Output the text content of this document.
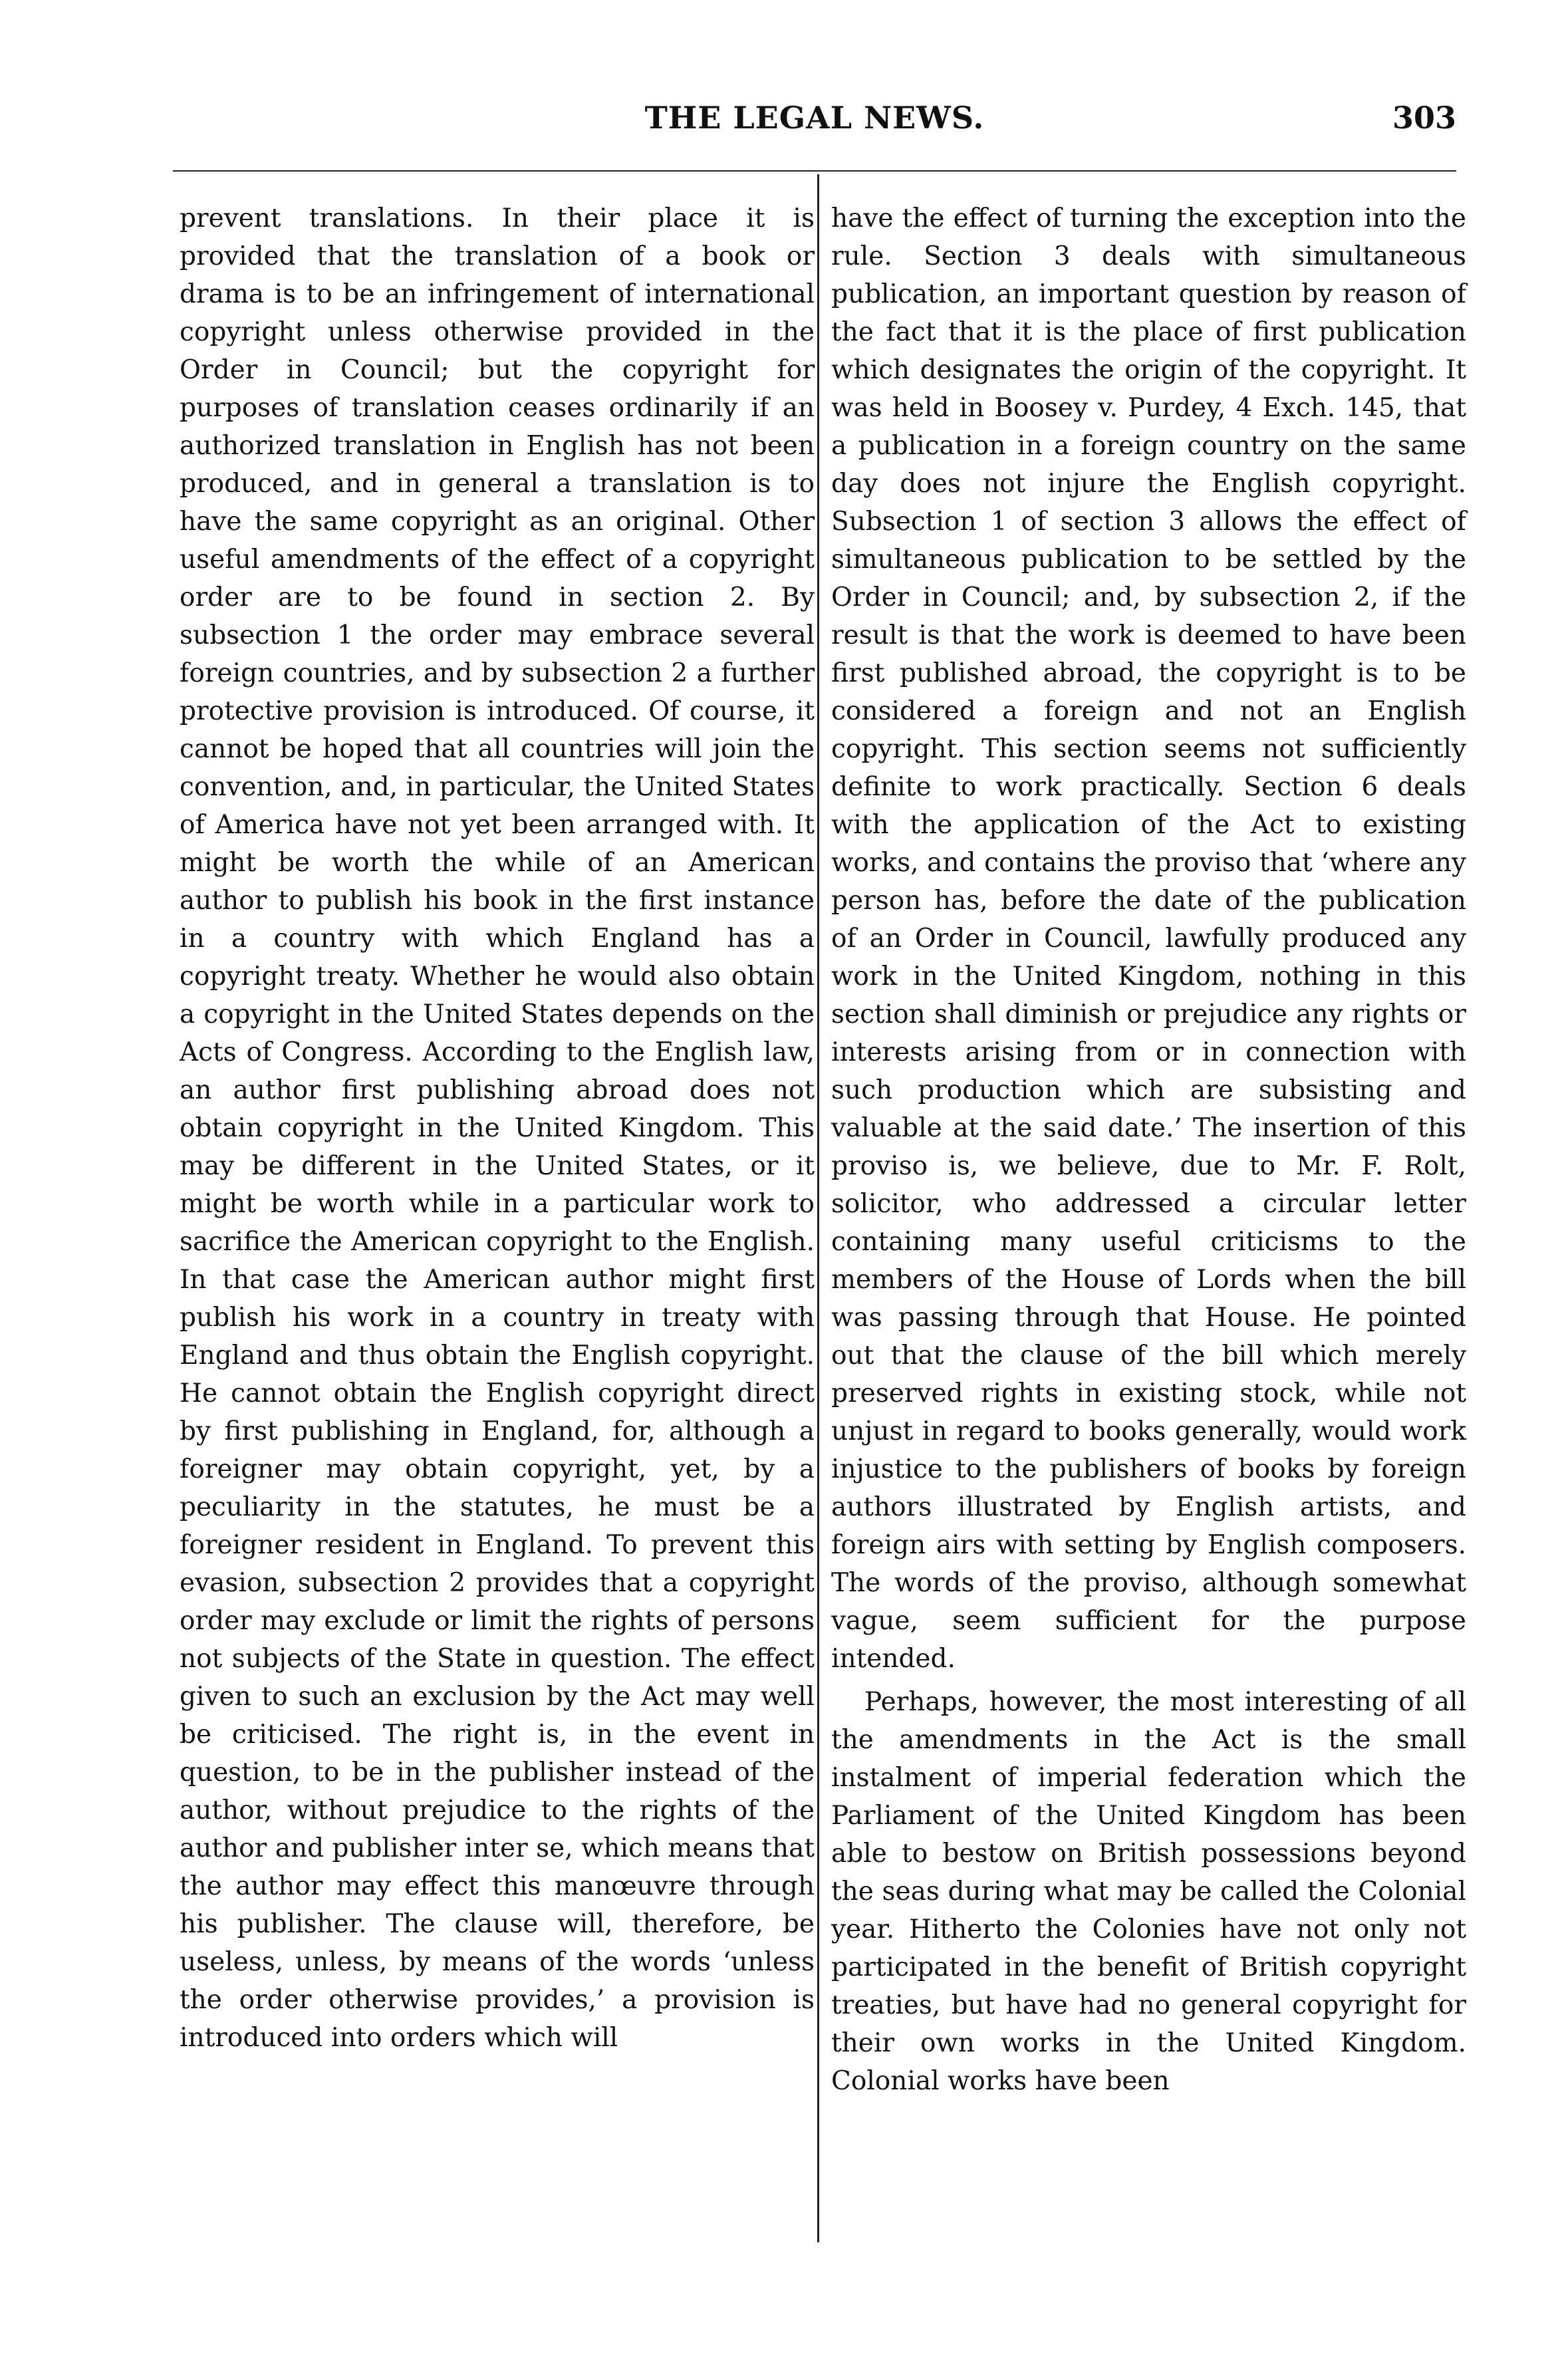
THE LEGAL NEWS.	303

prevent translations. In their place it is provided that the translation of a book or drama is to be an infringement of international copyright unless otherwise provided in the Order in Council; but the copyright for purposes of translation ceases ordinarily if an authorized translation in English has not been produced, and in general a translation is to have the same copyright as an original. Other useful amendments of the effect of a copyright order are to be found in section 2. By subsection 1 the order may embrace several foreign countries, and by subsection 2 a further protective provision is introduced. Of course, it cannot be hoped that all countries will join the convention, and, in particular, the United States of America have not yet been arranged with. It might be worth the while of an American author to publish his book in the first instance in a country with which England has a copyright treaty. Whether he would also obtain a copyright in the United States depends on the Acts of Congress. According to the English law, an author first publishing abroad does not obtain copyright in the United Kingdom. This may be different in the United States, or it might be worth while in a particular work to sacrifice the American copyright to the English. In that case the American author might first publish his work in a country in treaty with England and thus obtain the English copyright. He cannot obtain the English copyright direct by first publishing in England, for, although a foreigner may obtain copyright, yet, by a peculiarity in the statutes, he must be a foreigner resident in England. To prevent this evasion, subsection 2 provides that a copyright order may exclude or limit the rights of persons not subjects of the State in question. The effect given to such an exclusion by the Act may well be criticised. The right is, in the event in question, to be in the publisher instead of the author, without prejudice to the rights of the author and publisher inter se, which means that the author may effect this manœuvre through his publisher. The clause will, therefore, be useless, unless, by means of the words ‘unless the order otherwise provides,’ a provision is introduced into orders which will

have the effect of turning the exception into the rule. Section 3 deals with simultaneous publication, an important question by reason of the fact that it is the place of first publication which designates the origin of the copyright. It was held in Boosey v. Purdey, 4 Exch. 145, that a publication in a foreign country on the same day does not injure the English copyright. Subsection 1 of section 3 allows the effect of simultaneous publication to be settled by the Order in Council; and, by subsection 2, if the result is that the work is deemed to have been first published abroad, the copyright is to be considered a foreign and not an English copyright. This section seems not sufficiently definite to work practically. Section 6 deals with the application of the Act to existing works, and contains the proviso that ‘where any person has, before the date of the publication of an Order in Council, lawfully produced any work in the United Kingdom, nothing in this section shall diminish or prejudice any rights or interests arising from or in connection with such production which are subsisting and valuable at the said date.’ The insertion of this proviso is, we believe, due to Mr. F. Rolt, solicitor, who addressed a circular letter containing many useful criticisms to the members of the House of Lords when the bill was passing through that House. He pointed out that the clause of the bill which merely preserved rights in existing stock, while not unjust in regard to books generally, would work injustice to the publishers of books by foreign authors illustrated by English artists, and foreign airs with setting by English composers. The words of the proviso, although somewhat vague, seem sufficient for the purpose intended.

Perhaps, however, the most interesting of all the amendments in the Act is the small instalment of imperial federation which the Parliament of the United Kingdom has been able to bestow on British possessions beyond the seas during what may be called the Colonial year. Hitherto the Colonies have not only not participated in the benefit of British copyright treaties, but have had no general copyright for their own works in the United Kingdom. Colonial works have been
